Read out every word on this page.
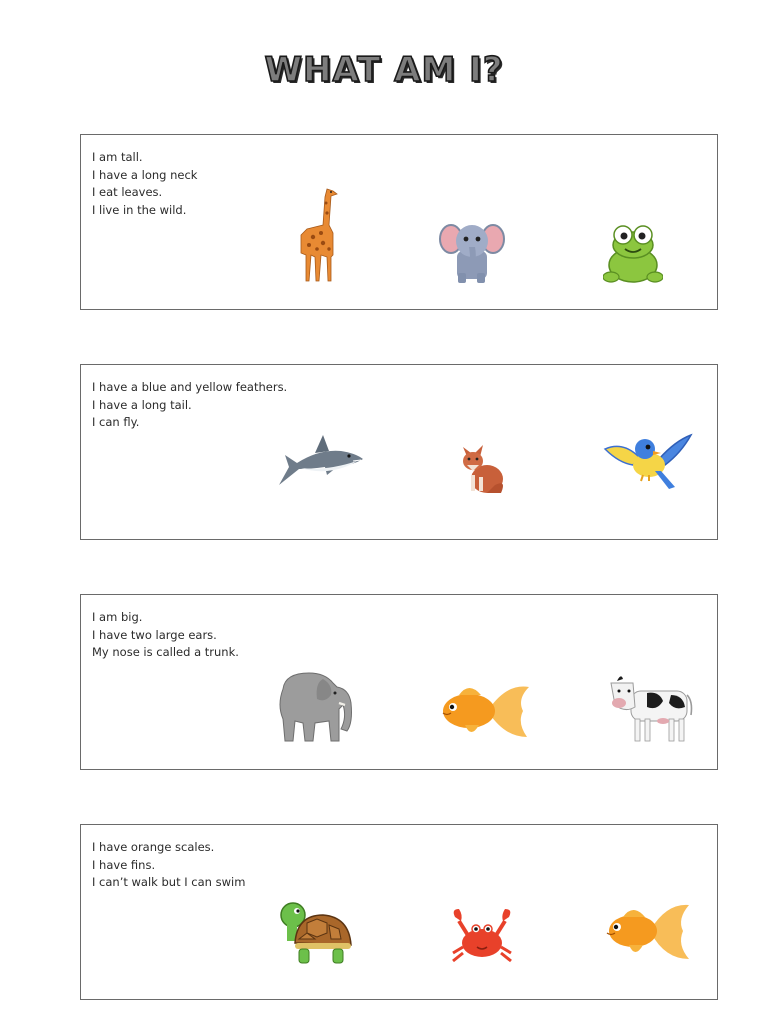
WHAT AM I?
I am tall.
I have a long neck
I eat leaves.
I live in the wild.
I have a blue and yellow feathers.
I have a long tail.
I can fly.
I am big.
I have two large ears.
My nose is called a trunk.
I have orange scales.
I have fins.
I can’t walk but I can swim
